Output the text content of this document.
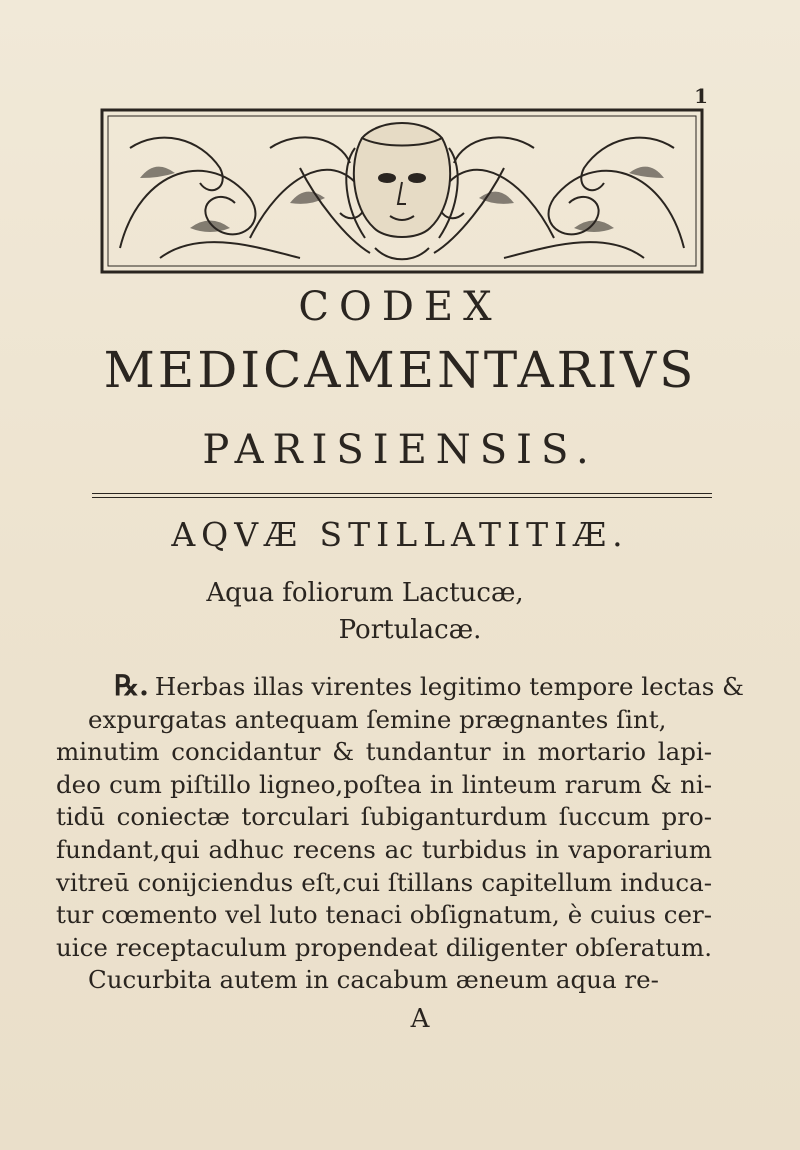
1
CODEX
MEDICAMENTARIVS
PARISIENSIS.
AQVÆ STILLATITIÆ.
Aqua foliorum Lactucæ,
Portulacæ.
℞. Herbas illas virentes legitimo tempore lectas &
expurgatas antequam ſemine prægnantes ſint,
minutim concidantur & tundantur in mortario lapi-
deo cum piſtillo ligneo,poſtea in linteum rarum & ni-
tidū coniectæ torculari ſubiganturdum ſuccum pro-
fundant,qui adhuc recens ac turbidus in vaporarium
vitreū conijciendus eſt,cui ſtillans capitellum induca-
tur cœmento vel luto tenaci obſignatum, è cuius cer-
uice receptaculum propendeat diligenter obſeratum.
Cucurbita autem in cacabum æneum aqua re-
A
